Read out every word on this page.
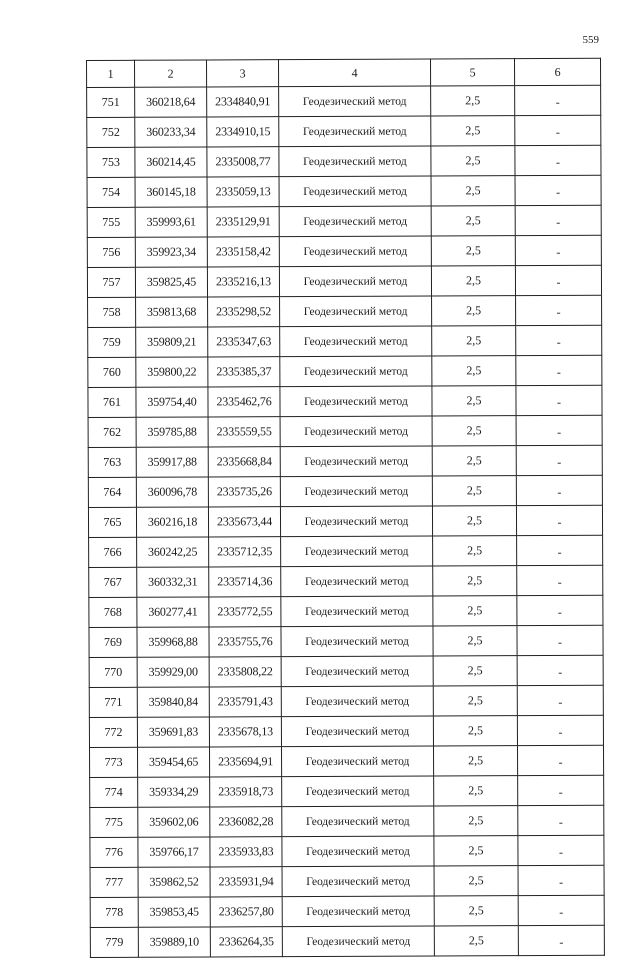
559
1	2	3	4	5	6
751	360218,64	2334840,91	Геодезический метод	2,5	-
752	360233,34	2334910,15	Геодезический метод	2,5	-
753	360214,45	2335008,77	Геодезический метод	2,5	-
754	360145,18	2335059,13	Геодезический метод	2,5	-
755	359993,61	2335129,91	Геодезический метод	2,5	-
756	359923,34	2335158,42	Геодезический метод	2,5	-
757	359825,45	2335216,13	Геодезический метод	2,5	-
758	359813,68	2335298,52	Геодезический метод	2,5	-
759	359809,21	2335347,63	Геодезический метод	2,5	-
760	359800,22	2335385,37	Геодезический метод	2,5	-
761	359754,40	2335462,76	Геодезический метод	2,5	-
762	359785,88	2335559,55	Геодезический метод	2,5	-
763	359917,88	2335668,84	Геодезический метод	2,5	-
764	360096,78	2335735,26	Геодезический метод	2,5	-
765	360216,18	2335673,44	Геодезический метод	2,5	-
766	360242,25	2335712,35	Геодезический метод	2,5	-
767	360332,31	2335714,36	Геодезический метод	2,5	-
768	360277,41	2335772,55	Геодезический метод	2,5	-
769	359968,88	2335755,76	Геодезический метод	2,5	-
770	359929,00	2335808,22	Геодезический метод	2,5	-
771	359840,84	2335791,43	Геодезический метод	2,5	-
772	359691,83	2335678,13	Геодезический метод	2,5	-
773	359454,65	2335694,91	Геодезический метод	2,5	-
774	359334,29	2335918,73	Геодезический метод	2,5	-
775	359602,06	2336082,28	Геодезический метод	2,5	-
776	359766,17	2335933,83	Геодезический метод	2,5	-
777	359862,52	2335931,94	Геодезический метод	2,5	-
778	359853,45	2336257,80	Геодезический метод	2,5	-
779	359889,10	2336264,35	Геодезический метод	2,5	-
